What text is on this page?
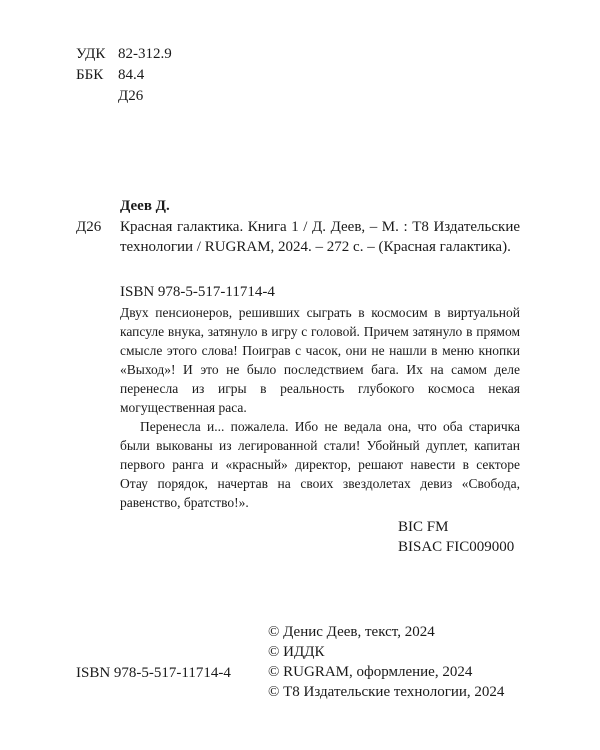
УДК 82-312.9
ББК 84.4
Д26
Деев Д.
Д26 Красная галактика. Книга 1 / Д. Деев, – М. : Т8 Издательские технологии / RUGRAM, 2024. – 272 с. – (Красная галактика).
ISBN 978-5-517-11714-4

Двух пенсионеров, решивших сыграть в космосим в виртуальной капсуле внука, затянуло в игру с головой. Причем затянуло в прямом смысле этого слова! Поиграв с часок, они не нашли в меню кнопки «Выход»! И это не было последствием бага. Их на самом деле перенесла из игры в реальность глубокого космоса некая могущественная раса.

Перенесла и... пожалела. Ибо не ведала она, что оба старичка были выкованы из легированной стали! Убойный дуплет, капитан первого ранга и «красный» директор, решают навести в секторе Отау порядок, начертав на своих звездолетах девиз «Свобода, равенство, братство!».

BIC FM
BISAC FIC009000
© Денис Деев, текст, 2024
© ИДДК
© RUGRAM, оформление, 2024
© Т8 Издательские технологии, 2024
ISBN 978-5-517-11714-4
